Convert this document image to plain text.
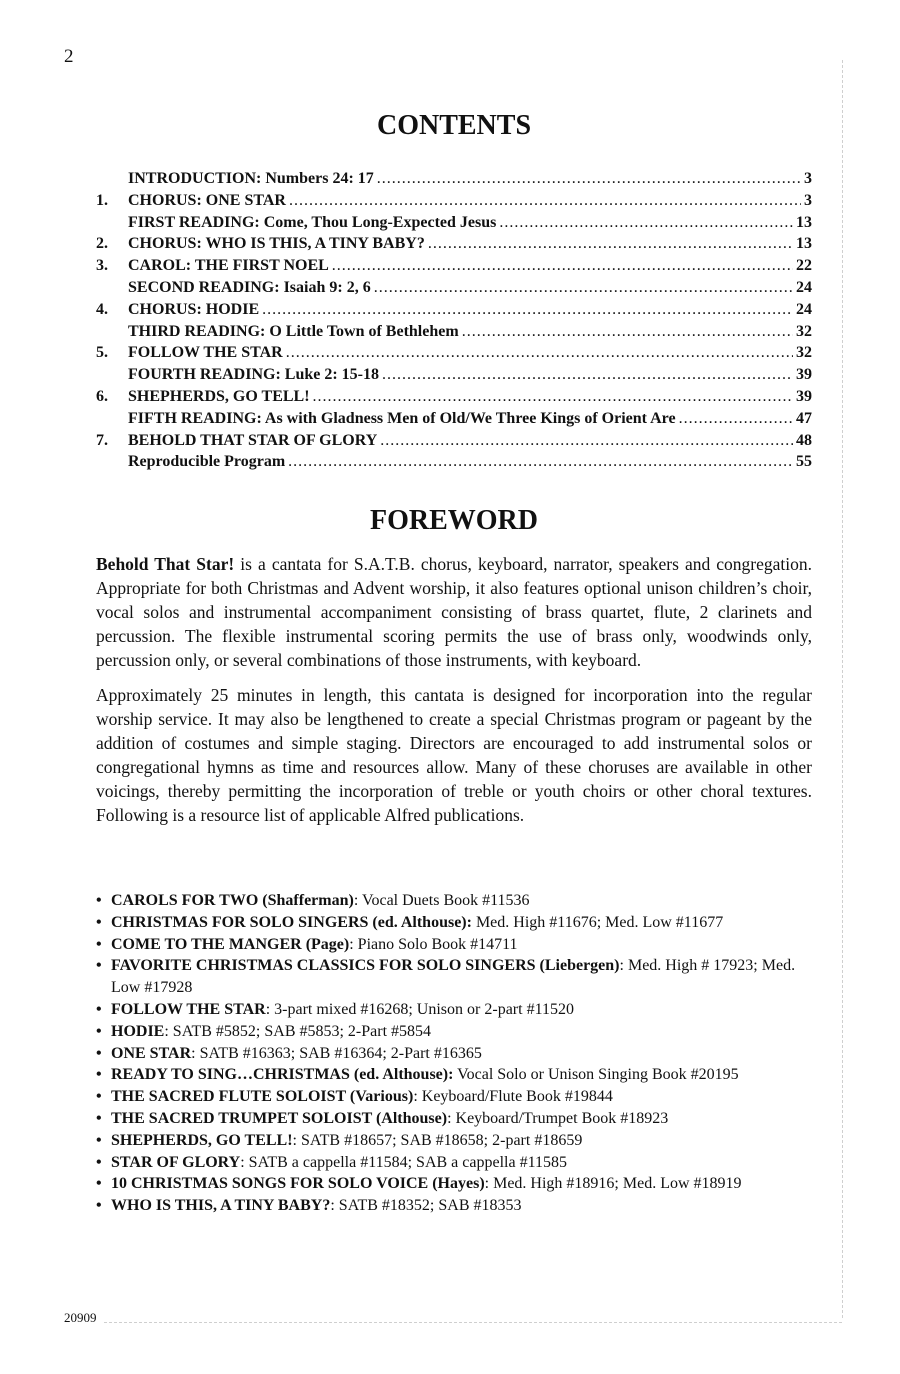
2
20909
CONTENTS
INTRODUCTION: Numbers 24: 17 .....	3
1.	CHORUS: ONE STAR .....	3
FIRST READING: Come, Thou Long-Expected Jesus .....	13
2.	CHORUS: WHO IS THIS, A TINY BABY? .....	13
3.	CAROL: THE FIRST NOEL .....	22
SECOND READING: Isaiah 9: 2, 6 .....	24
4.	CHORUS: HODIE .....	24
THIRD READING: O Little Town of Bethlehem .....	32
5.	FOLLOW THE STAR .....	32
FOURTH READING: Luke 2: 15-18 .....	39
6.	SHEPHERDS, GO TELL! .....	39
FIFTH READING: As with Gladness Men of Old/We Three Kings of Orient Are .....	47
7.	BEHOLD THAT STAR OF GLORY .....	48
Reproducible Program .....	55
FOREWORD

Behold That Star! is a cantata for S.A.T.B. chorus, keyboard, narrator, speakers and congregation. Appropriate for both Christmas and Advent worship, it also features optional unison children’s choir, vocal solos and instrumental accompaniment consisting of brass quartet, flute, 2 clarinets and percussion. The flexible instrumental scoring permits the use of brass only, woodwinds only, percussion only, or several combinations of those instruments, with keyboard.

Approximately 25 minutes in length, this cantata is designed for incorporation into the regular worship service. It may also be lengthened to create a special Christmas program or pageant by the addition of costumes and simple staging. Directors are encouraged to add instrumental solos or congregational hymns as time and resources allow. Many of these choruses are available in other voicings, thereby permitting the incorporation of treble or youth choirs or other choral textures. Following is a resource list of applicable Alfred publications.

• CAROLS FOR TWO (Shafferman): Vocal Duets Book #11536
• CHRISTMAS FOR SOLO SINGERS (ed. Althouse): Med. High #11676; Med. Low #11677
• COME TO THE MANGER (Page): Piano Solo Book #14711
• FAVORITE CHRISTMAS CLASSICS FOR SOLO SINGERS (Liebergen): Med. High # 17923; Med. Low #17928
• FOLLOW THE STAR: 3-part mixed #16268; Unison or 2-part #11520
• HODIE: SATB #5852; SAB #5853; 2-Part #5854
• ONE STAR: SATB #16363; SAB #16364; 2-Part #16365
• READY TO SING…CHRISTMAS (ed. Althouse): Vocal Solo or Unison Singing Book #20195
• THE SACRED FLUTE SOLOIST (Various): Keyboard/Flute Book #19844
• THE SACRED TRUMPET SOLOIST (Althouse): Keyboard/Trumpet Book #18923
• SHEPHERDS, GO TELL!: SATB #18657; SAB #18658; 2-part #18659
• STAR OF GLORY: SATB a cappella #11584; SAB a cappella #11585
• 10 CHRISTMAS SONGS FOR SOLO VOICE (Hayes): Med. High #18916; Med. Low #18919
• WHO IS THIS, A TINY BABY?: SATB #18352; SAB #18353
